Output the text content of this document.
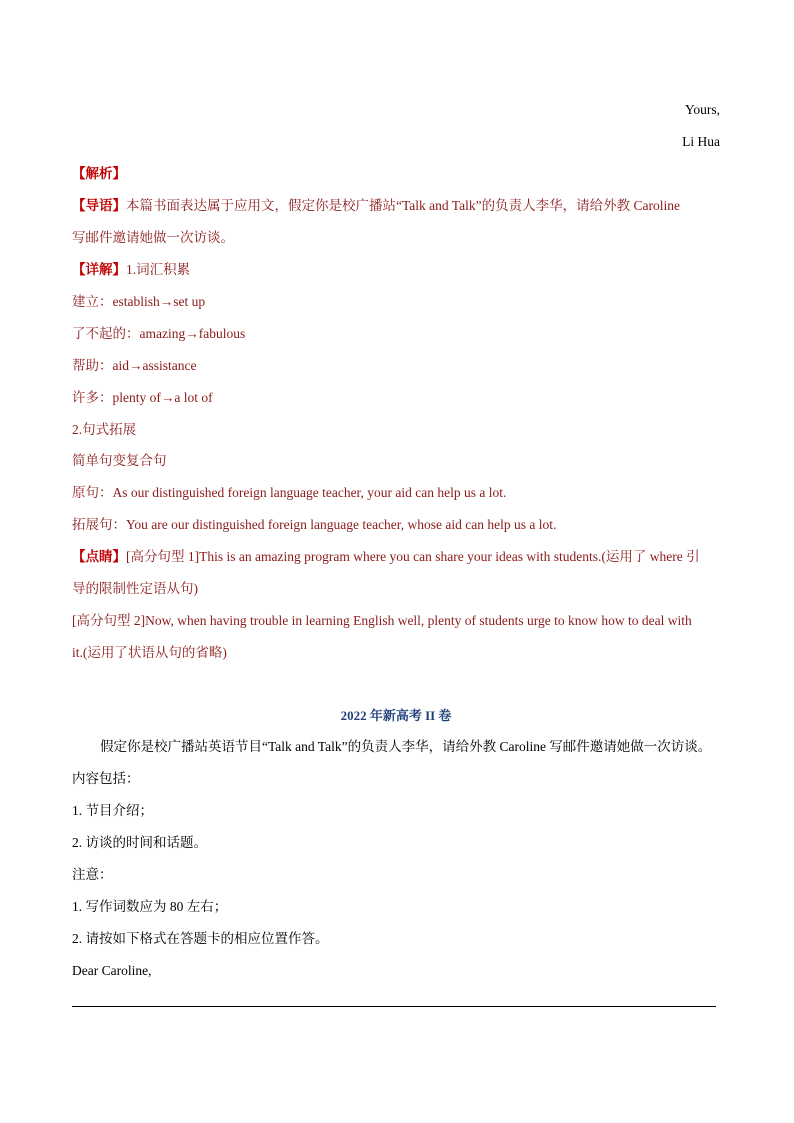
Yours,
Li Hua
【解析】
【导语】本篇书面表达属于应用文，假定你是校广播站“Talk and Talk”的负责人李华，请给外教 Caroline
写邮件邀请她做一次访谈。
【详解】1.词汇积累
建立：establish→set up
了不起的：amazing→fabulous
帮助：aid→assistance
许多：plenty of→a lot of
2.句式拓展
简单句变复合句
原句：As our distinguished foreign language teacher, your aid can help us a lot.
拓展句：You are our distinguished foreign language teacher, whose aid can help us a lot.
【点睛】[高分句型 1]This is an amazing program where you can share your ideas with students.(运用了 where 引
导的限制性定语从句)
[高分句型 2]Now, when having trouble in learning English well, plenty of students urge to know how to deal with
it.(运用了状语从句的省略)
2022 年新高考 II 卷
假定你是校广播站英语节目“Talk and Talk”的负责人李华，请给外教 Caroline 写邮件邀请她做一次访谈。
内容包括：
1. 节目介绍；
2. 访谈的时间和话题。
注意：
1. 写作词数应为 80 左右；
2. 请按如下格式在答题卡的相应位置作答。
Dear Caroline,
